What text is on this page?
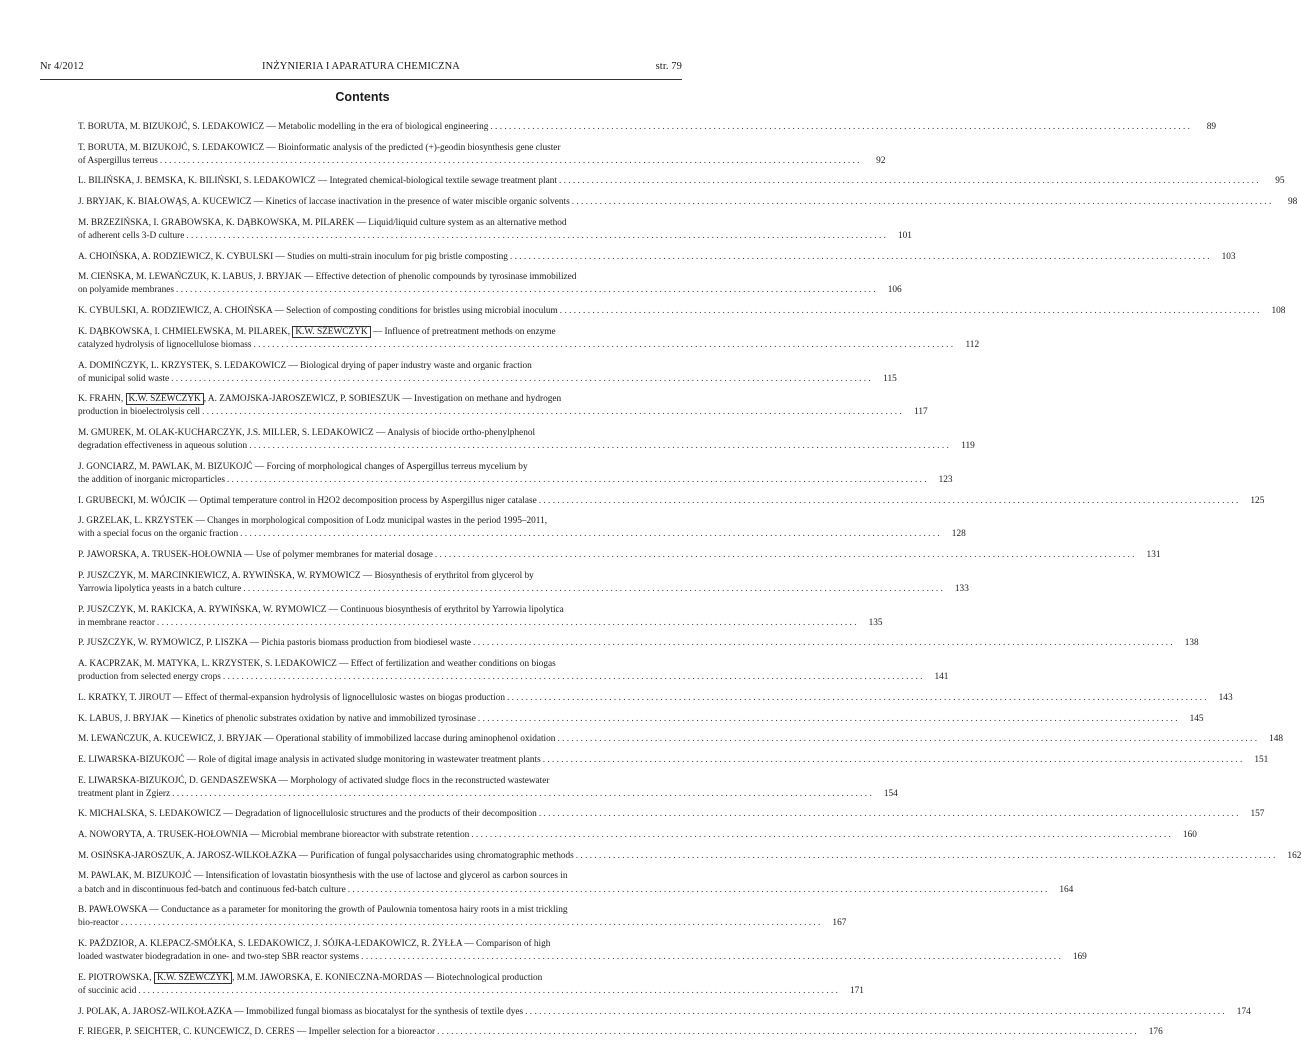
Nr 4/2012	INŻYNIERIA I APARATURA CHEMICZNA	str. 79
Contents
T. BORUTA, M. BIZUKOJĆ, S. LEDAKOWICZ — Metabolic modelling in the era of biological engineering . . .	89
T. BORUTA, M. BIZUKOJĆ, S. LEDAKOWICZ — Bioinformatic analysis of the predicted (+)-geodin biosynthesis gene cluster
of Aspergillus terreus . . .	92
L. BILIŃSKA, J. BEMSKA, K. BILIŃSKI, S. LEDAKOWICZ — Integrated chemical-biological textile sewage treatment plant . . .	95
J. BRYJAK, K. BIAŁOWĄS, A. KUCEWICZ — Kinetics of laccase inactivation in the presence of water miscible organic solvents . . .	98
M. BRZEZIŃSKA, I. GRABOWSKA, K. DĄBKOWSKA, M. PILAREK — Liquid/liquid culture system as an alternative method
of adherent cells 3-D culture . . .	101
A. CHOIŃSKA, A. RODZIEWICZ, K. CYBULSKI — Studies on multi-strain inoculum for pig bristle composting . . .	103
M. CIEŃSKA, M. LEWAŃCZUK, K. LABUS, J. BRYJAK — Effective detection of phenolic compounds by tyrosinase immobilized
on polyamide membranes . . .	106
K. CYBULSKI, A. RODZIEWICZ, A. CHOIŃSKA — Selection of composting conditions for bristles using microbial inoculum . . .	108
K. DĄBKOWSKA, I. CHMIELEWSKA, M. PILAREK, K.W. SZEWCZYK — Influence of pretreatment methods on enzyme
catalyzed hydrolysis of lignocellulose biomass . . .	112
A. DOMIŃCZYK, L. KRZYSTEK, S. LEDAKOWICZ — Biological drying of paper industry waste and organic fraction
of municipal solid waste . . .	115
K. FRAHN, K.W. SZEWCZYK , A. ZAMOJSKA-JAROSZEWICZ, P. SOBIESZUK — Investigation on methane and hydrogen
production in bioelectrolysis cell . . .	117
M. GMUREK, M. OLAK-KUCHARCZYK, J.S. MILLER, S. LEDAKOWICZ — Analysis of biocide ortho-phenylphenol
degradation effectiveness in aqueous solution . . .	119
J. GONCIARZ, M. PAWLAK, M. BIZUKOJĆ — Forcing of morphological changes of Aspergillus terreus mycelium by
the addition of inorganic microparticles . . .	123
I. GRUBECKI, M. WÓJCIK — Optimal temperature control in H2O2 decomposition process by Aspergillus niger catalase . . .	125
J. GRZELAK, L. KRZYSTEK — Changes in morphological composition of Lodz municipal wastes in the period 1995–2011,
with a special focus on the organic fraction . . .	128
P. JAWORSKA, A. TRUSEK-HOŁOWNIA — Use of polymer membranes for material dosage . . .	131
P. JUSZCZYK, M. MARCINKIEWICZ, A. RYWIŃSKA, W. RYMOWICZ — Biosynthesis of erythritol from glycerol by
Yarrowia lipolytica yeasts in a batch culture . . .	133
P. JUSZCZYK, M. RAKICKA, A. RYWIŃSKA, W. RYMOWICZ — Continuous biosynthesis of erythritol by Yarrowia lipolytica
in membrane reactor . . .	135
P. JUSZCZYK, W. RYMOWICZ, P. LISZKA — Pichia pastoris biomass production from biodiesel waste . . .	138
A. KACPRZAK, M. MATYKA, L. KRZYSTEK, S. LEDAKOWICZ — Effect of fertilization and weather conditions on biogas
production from selected energy crops . . .	141
L. KRATKY, T. JIROUT — Effect of thermal-expansion hydrolysis of lignocellulosic wastes on biogas production . . .	143
K. LABUS, J. BRYJAK — Kinetics of phenolic substrates oxidation by native and immobilized tyrosinase . . .	145
M. LEWAŃCZUK, A. KUCEWICZ, J. BRYJAK — Operational stability of immobilized laccase during aminophenol oxidation . . .	148
E. LIWARSKA-BIZUKOJĆ — Role of digital image analysis in activated sludge monitoring in wastewater treatment plants . . .	151
E. LIWARSKA-BIZUKOJĆ, D. GENDASZEWSKA — Morphology of activated sludge flocs in the reconstructed wastewater
treatment plant in Zgierz . . .	154
K. MICHALSKA, S. LEDAKOWICZ — Degradation of lignocellulosic structures and the products of their decomposition . . .	157
A. NOWORYTA, A. TRUSEK-HOŁOWNIA — Microbial membrane bioreactor with substrate retention . . .	160
M. OSIŃSKA-JAROSZUK, A. JAROSZ-WILKOŁAZKA — Purification of fungal polysaccharides using chromatographic methods . . .	162
M. PAWLAK, M. BIZUKOJĆ — Intensification of lovastatin biosynthesis with the use of lactose and glycerol as carbon sources in
a batch and in discontinuous fed-batch and continuous fed-batch culture . . .	164
B. PAWŁOWSKA — Conductance as a parameter for monitoring the growth of Paulownia tomentosa hairy roots in a mist trickling
bio-reactor . . .	167
K. PAŹDZIOR, A. KLEPACZ-SMÓŁKA, S. LEDAKOWICZ, J. SÓJKA-LEDAKOWICZ, R. ŻYŁŁA — Comparison of high
loaded wastwater biodegradation in one- and two-step SBR reactor systems . . .	169
E. PIOTROWSKA, K.W. SZEWCZYK , M.M. JAWORSKA, E. KONIECZNA-MORDAS — Biotechnological production
of succinic acid . . .	171
J. POLAK, A. JAROSZ-WILKOŁAZKA — Immobilized fungal biomass as biocatalyst for the synthesis of textile dyes . . .	174
F. RIEGER, P. SEICHTER, C. KUNCEWICZ, D. CERES — Impeller selection for a bioreactor . . .	176
